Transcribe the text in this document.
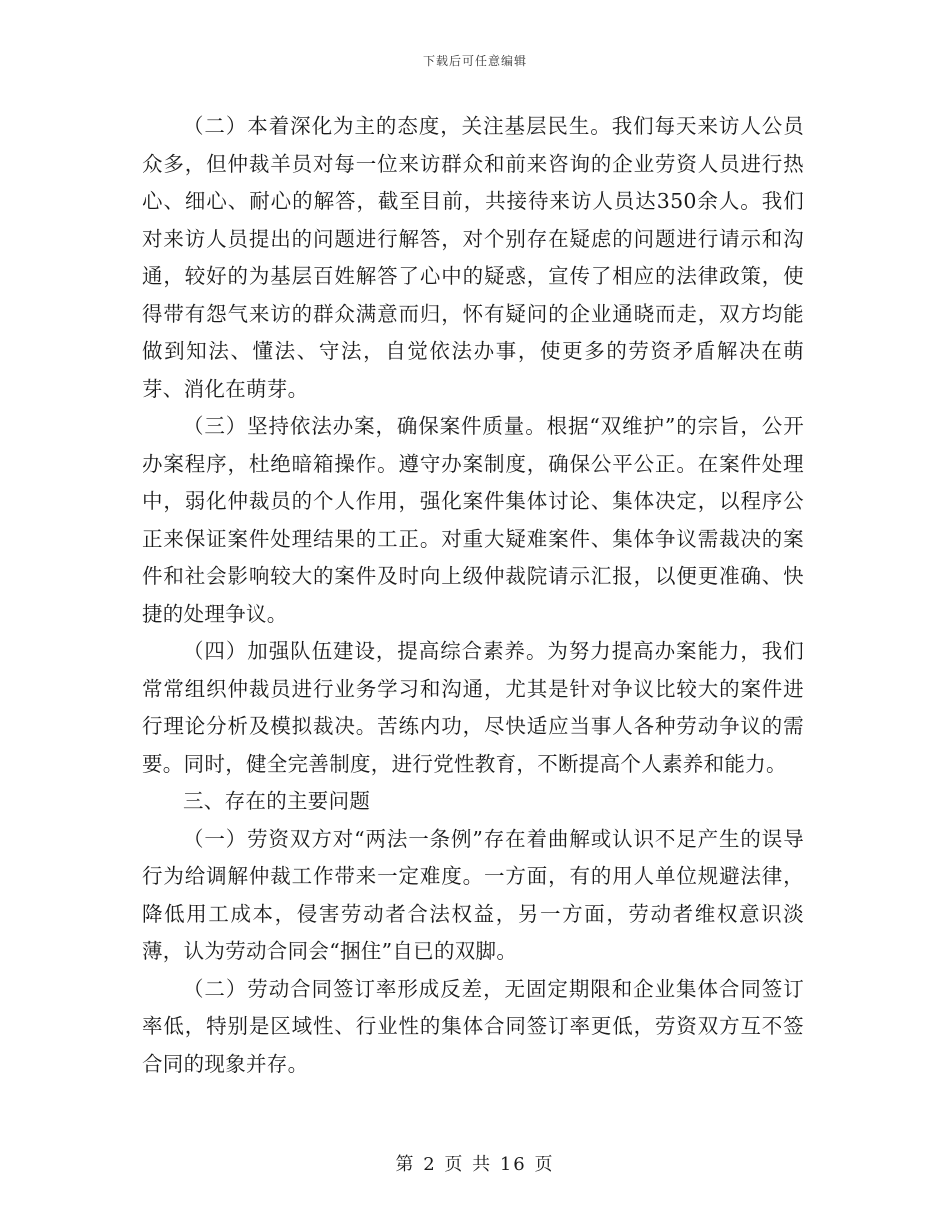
下载后可任意编辑

（二）本着深化为主的态度，关注基层民生。我们每天来访人公员众多，但仲裁羊员对每一位来访群众和前来咨询的企业劳资人员进行热心、细心、耐心的解答，截至目前，共接待来访人员达350余人。我们对来访人员提出的问题进行解答，对个别存在疑虑的问题进行请示和沟通，较好的为基层百姓解答了心中的疑惑，宣传了相应的法律政策，使得带有怨气来访的群众满意而归，怀有疑问的企业通晓而走，双方均能做到知法、懂法、守法，自觉依法办事，使更多的劳资矛盾解决在萌芽、消化在萌芽。

（三）坚持依法办案，确保案件质量。根据“双维护”的宗旨，公开办案程序，杜绝暗箱操作。遵守办案制度，确保公平公正。在案件处理中，弱化仲裁员的个人作用，强化案件集体讨论、集体决定，以程序公正来保证案件处理结果的工正。对重大疑难案件、集体争议需裁决的案件和社会影响较大的案件及时向上级仲裁院请示汇报，以便更准确、快捷的处理争议。

（四）加强队伍建设，提高综合素养。为努力提高办案能力，我们常常组织仲裁员进行业务学习和沟通，尤其是针对争议比较大的案件进行理论分析及模拟裁决。苦练内功，尽快适应当事人各种劳动争议的需要。同时，健全完善制度，进行党性教育，不断提高个人素养和能力。

三、存在的主要问题

（一）劳资双方对“两法一条例”存在着曲解或认识不足产生的误导行为给调解仲裁工作带来一定难度。一方面，有的用人单位规避法律，降低用工成本，侵害劳动者合法权益，另一方面，劳动者维权意识淡薄，认为劳动合同会“捆住”自已的双脚。

（二）劳动合同签订率形成反差，无固定期限和企业集体合同签订率低，特别是区域性、行业性的集体合同签订率更低，劳资双方互不签合同的现象并存。

第 2 页 共 16 页
